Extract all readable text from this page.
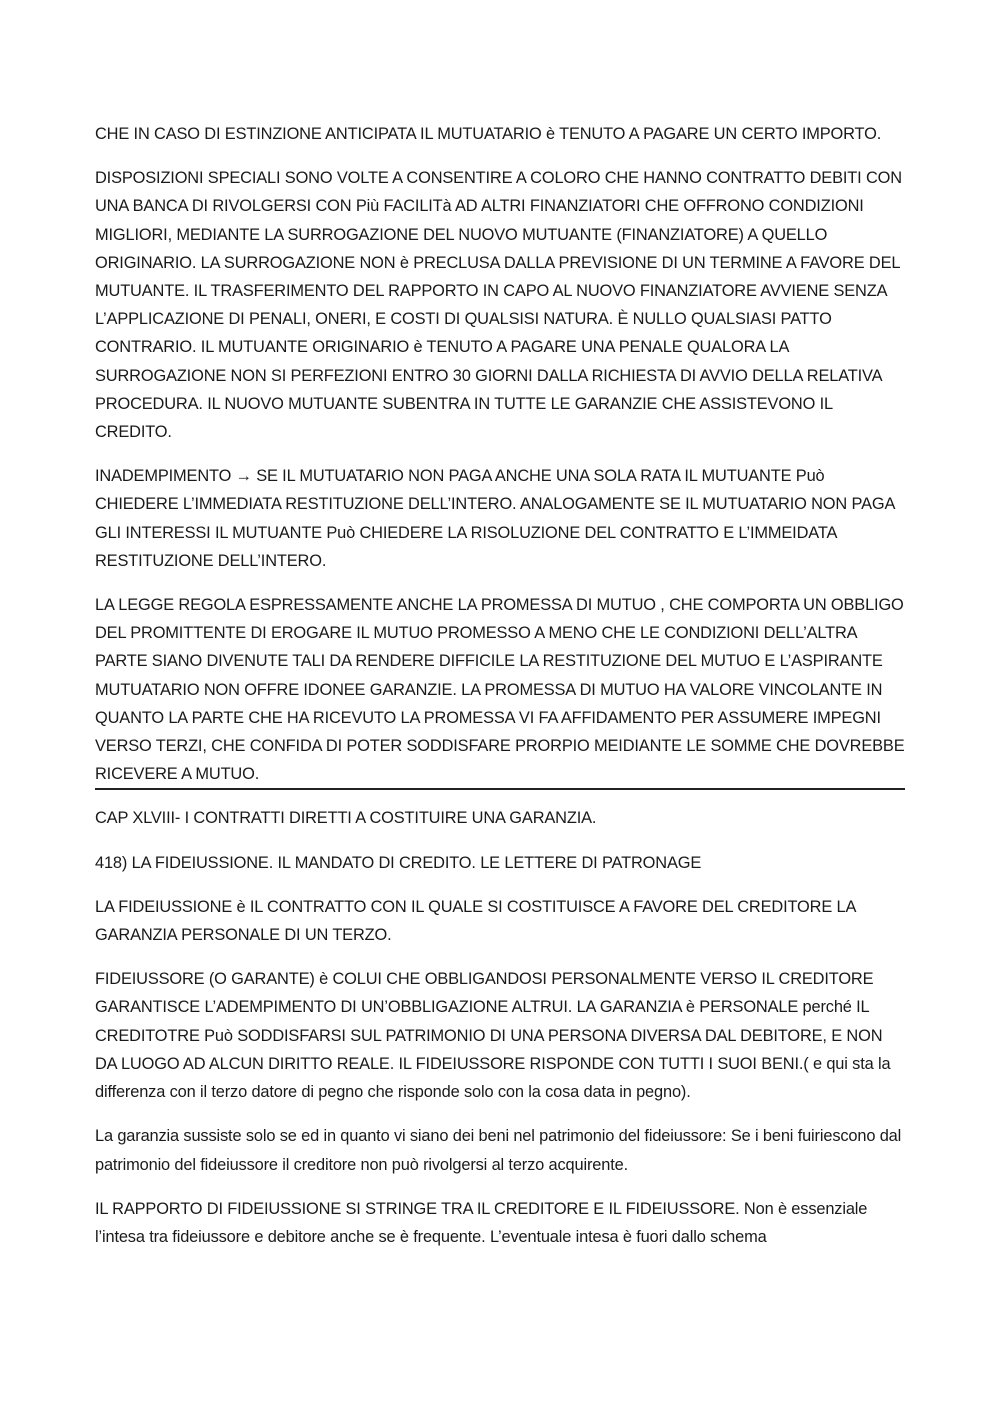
CHE IN CASO DI ESTINZIONE ANTICIPATA IL MUTUATARIO è TENUTO A PAGARE UN CERTO IMPORTO.

DISPOSIZIONI SPECIALI SONO VOLTE A CONSENTIRE A COLORO CHE HANNO CONTRATTO DEBITI CON UNA BANCA DI RIVOLGERSI CON Più FACILITà AD ALTRI FINANZIATORI CHE OFFRONO CONDIZIONI MIGLIORI, MEDIANTE LA SURROGAZIONE DEL NUOVO MUTUANTE (FINANZIATORE) A QUELLO ORIGINARIO. LA SURROGAZIONE NON è PRECLUSA DALLA PREVISIONE DI UN TERMINE A FAVORE DEL MUTUANTE. IL TRASFERIMENTO DEL RAPPORTO IN CAPO AL NUOVO FINANZIATORE AVVIENE SENZA L’APPLICAZIONE DI PENALI, ONERI, E COSTI DI QUALSISI NATURA. È NULLO QUALSIASI PATTO CONTRARIO. IL MUTUANTE ORIGINARIO è TENUTO A PAGARE UNA PENALE QUALORA LA SURROGAZIONE NON SI PERFEZIONI ENTRO 30 GIORNI DALLA RICHIESTA DI AVVIO DELLA RELATIVA PROCEDURA. IL NUOVO MUTUANTE SUBENTRA IN TUTTE LE GARANZIE CHE ASSISTEVONO IL CREDITO.

INADEMPIMENTO → SE IL MUTUATARIO NON PAGA ANCHE UNA SOLA RATA IL MUTUANTE Può CHIEDERE L’IMMEDIATA RESTITUZIONE DELL’INTERO. ANALOGAMENTE SE IL MUTUATARIO NON PAGA GLI INTERESSI IL MUTUANTE Può CHIEDERE LA RISOLUZIONE DEL CONTRATTO E L’IMMEIDATA RESTITUZIONE DELL’INTERO.

LA LEGGE REGOLA ESPRESSAMENTE ANCHE LA PROMESSA DI MUTUO , CHE COMPORTA UN OBBLIGO DEL PROMITTENTE DI EROGARE IL MUTUO PROMESSO A MENO CHE LE CONDIZIONI DELL’ALTRA PARTE SIANO DIVENUTE TALI DA RENDERE DIFFICILE LA RESTITUZIONE DEL MUTUO E L’ASPIRANTE MUTUATARIO NON OFFRE IDONEE GARANZIE. LA PROMESSA DI MUTUO HA VALORE VINCOLANTE IN QUANTO LA PARTE CHE HA RICEVUTO LA PROMESSA VI FA AFFIDAMENTO PER ASSUMERE IMPEGNI VERSO TERZI, CHE CONFIDA DI POTER SODDISFARE PRORPIO MEIDIANTE LE SOMME CHE DOVREBBE RICEVERE A MUTUO.

CAP XLVIII- I CONTRATTI DIRETTI A COSTITUIRE UNA GARANZIA.

418) LA FIDEIUSSIONE. IL MANDATO DI CREDITO. LE LETTERE DI PATRONAGE

LA FIDEIUSSIONE è IL CONTRATTO CON IL QUALE SI COSTITUISCE A FAVORE DEL CREDITORE LA GARANZIA PERSONALE DI UN TERZO.

FIDEIUSSORE (O GARANTE) è COLUI CHE OBBLIGANDOSI PERSONALMENTE VERSO IL CREDITORE GARANTISCE L’ADEMPIMENTO DI UN’OBBLIGAZIONE ALTRUI. LA GARANZIA è PERSONALE perché IL CREDITOTRE Può SODDISFARSI SUL PATRIMONIO DI UNA PERSONA DIVERSA DAL DEBITORE, E NON DA LUOGO AD ALCUN DIRITTO REALE. IL FIDEIUSSORE RISPONDE CON TUTTI I SUOI BENI.( e qui sta la differenza con il terzo datore di pegno che risponde solo con la cosa data in pegno).

La garanzia sussiste solo se ed in quanto vi siano dei beni nel patrimonio del fideiussore: Se i beni fuiriescono dal patrimonio del fideiussore il creditore non può rivolgersi al terzo acquirente.

IL RAPPORTO DI FIDEIUSSIONE SI STRINGE TRA IL CREDITORE E IL FIDEIUSSORE. Non è essenziale l’intesa tra fideiussore e debitore anche se è frequente. L’eventuale intesa è fuori dallo schema
